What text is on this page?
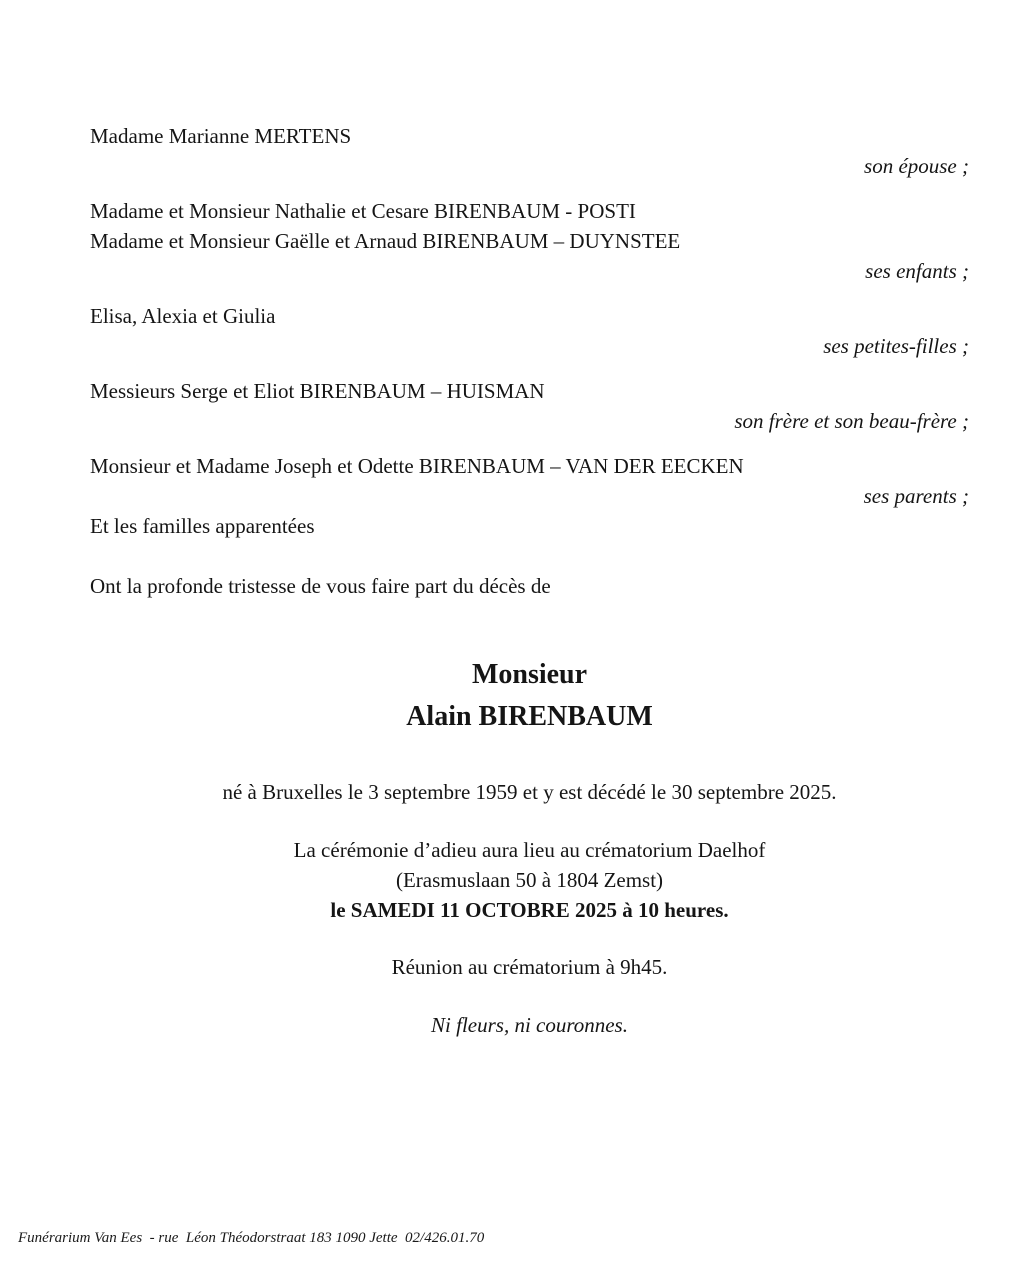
Madame Marianne MERTENS

son épouse ;

Madame et Monsieur Nathalie et Cesare BIRENBAUM - POSTI

Madame et Monsieur Gaëlle et Arnaud BIRENBAUM – DUYNSTEE

ses enfants ;

Elisa, Alexia et Giulia

ses petites-filles ;

Messieurs Serge et Eliot BIRENBAUM – HUISMAN

son frère et son beau-frère ;

Monsieur et Madame Joseph et Odette BIRENBAUM – VAN DER EECKEN

ses parents ;

Et les familles apparentées

Ont la profonde tristesse de vous faire part du décès de

Monsieur

Alain BIRENBAUM

né à Bruxelles le 3 septembre 1959 et y est décédé le 30 septembre 2025.

La cérémonie d’adieu aura lieu au crématorium Daelhof

(Erasmuslaan 50 à 1804 Zemst)

le SAMEDI 11 OCTOBRE 2025 à 10 heures.

Réunion au crématorium à 9h45.

Ni fleurs, ni couronnes.

Funérarium Van Ees  - rue  Léon Théodorstraat 183 1090 Jette  02/426.01.70
